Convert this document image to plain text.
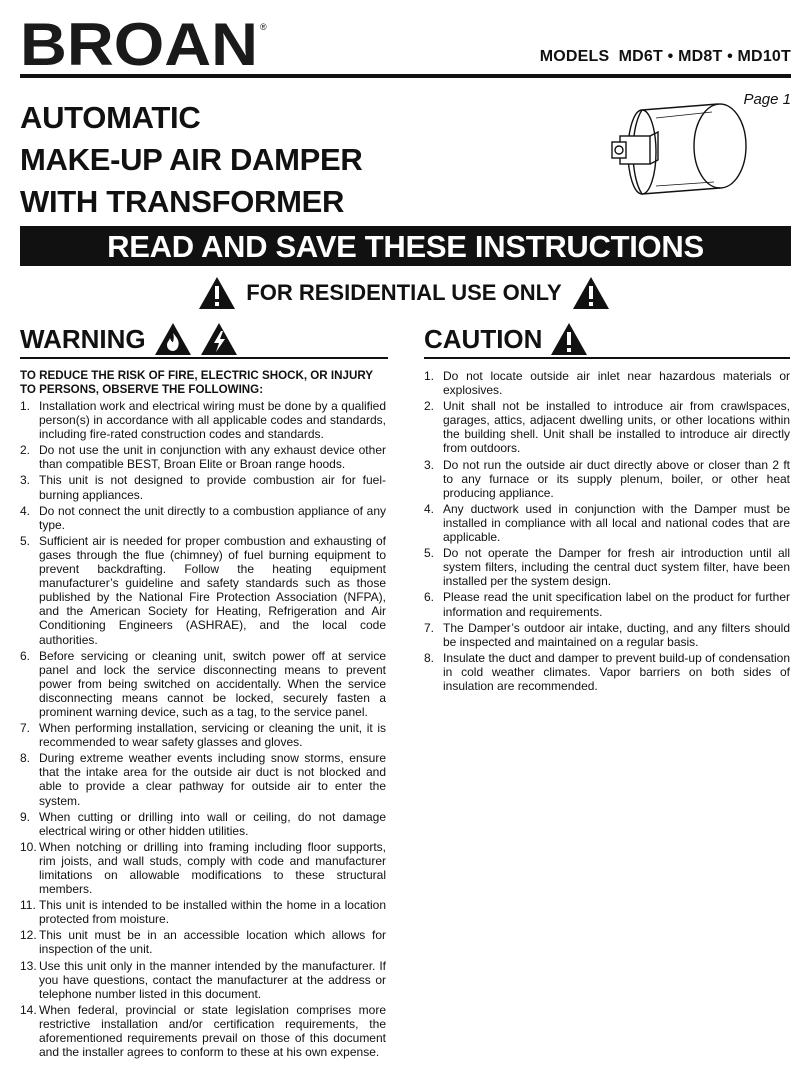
BROAN ®
MODELS  MD6T • MD8T • MD10T
Page 1
AUTOMATIC
MAKE-UP AIR DAMPER
WITH TRANSFORMER
READ AND SAVE THESE INSTRUCTIONS
FOR RESIDENTIAL USE ONLY
WARNING	CAUTION
TO REDUCE THE RISK OF FIRE, ELECTRIC SHOCK, OR INJURY TO PERSONS, OBSERVE THE FOLLOWING:
1. Installation work and electrical wiring must be done by a qualified person(s) in accordance with all applicable codes and standards, including fire-rated construction codes and standards.
2. Do not use the unit in conjunction with any exhaust device other than compatible BEST, Broan Elite or Broan range hoods.
3. This unit is not designed to provide combustion air for fuel-burning appliances.
4. Do not connect the unit directly to a combustion appliance of any type.
5. Sufficient air is needed for proper combustion and exhausting of gases through the flue (chimney) of fuel burning equipment to prevent backdrafting. Follow the heating equipment manufacturer’s guideline and safety standards such as those published by the National Fire Protection Association (NFPA), and the American Society for Heating, Refrigeration and Air Conditioning Engineers (ASHRAE), and the local code authorities.
6. Before servicing or cleaning unit, switch power off at service panel and lock the service disconnecting means to prevent power from being switched on accidentally. When the service disconnecting means cannot be locked, securely fasten a prominent warning device, such as a tag, to the service panel.
7. When performing installation, servicing or cleaning the unit, it is recommended to wear safety glasses and gloves.
8. During extreme weather events including snow storms, ensure that the intake area for the outside air duct is not blocked and able to provide a clear pathway for outside air to enter the system.
9. When cutting or drilling into wall or ceiling, do not damage electrical wiring or other hidden utilities.
10. When notching or drilling into framing including floor supports, rim joists, and wall studs, comply with code and manufacturer limitations on allowable modifications to these structural members.
11. This unit is intended to be installed within the home in a location protected from moisture.
12. This unit must be in an accessible location which allows for inspection of the unit.
13. Use this unit only in the manner intended by the manufacturer. If you have questions, contact the manufacturer at the address or telephone number listed in this document.
14. When federal, provincial or state legislation comprises more restrictive installation and/or certification requirements, the aforementioned requirements prevail on those of this document and the installer agrees to conform to these at his own expense.
1. Do not locate outside air inlet near hazardous materials or explosives.
2. Unit shall not be installed to introduce air from crawlspaces, garages, attics, adjacent dwelling units, or other locations within the building shell. Unit shall be installed to introduce air directly from outdoors.
3. Do not run the outside air duct directly above or closer than 2 ft to any furnace or its supply plenum, boiler, or other heat producing appliance.
4. Any ductwork used in conjunction with the Damper must be installed in compliance with all local and national codes that are applicable.
5. Do not operate the Damper for fresh air introduction until all system filters, including the central duct system filter, have been installed per the system design.
6. Please read the unit specification label on the product for further information and requirements.
7. The Damper’s outdoor air intake, ducting, and any filters should be inspected and maintained on a regular basis.
8. Insulate the duct and damper to prevent build-up of condensation in cold weather climates. Vapor barriers on both sides of insulation are recommended.
